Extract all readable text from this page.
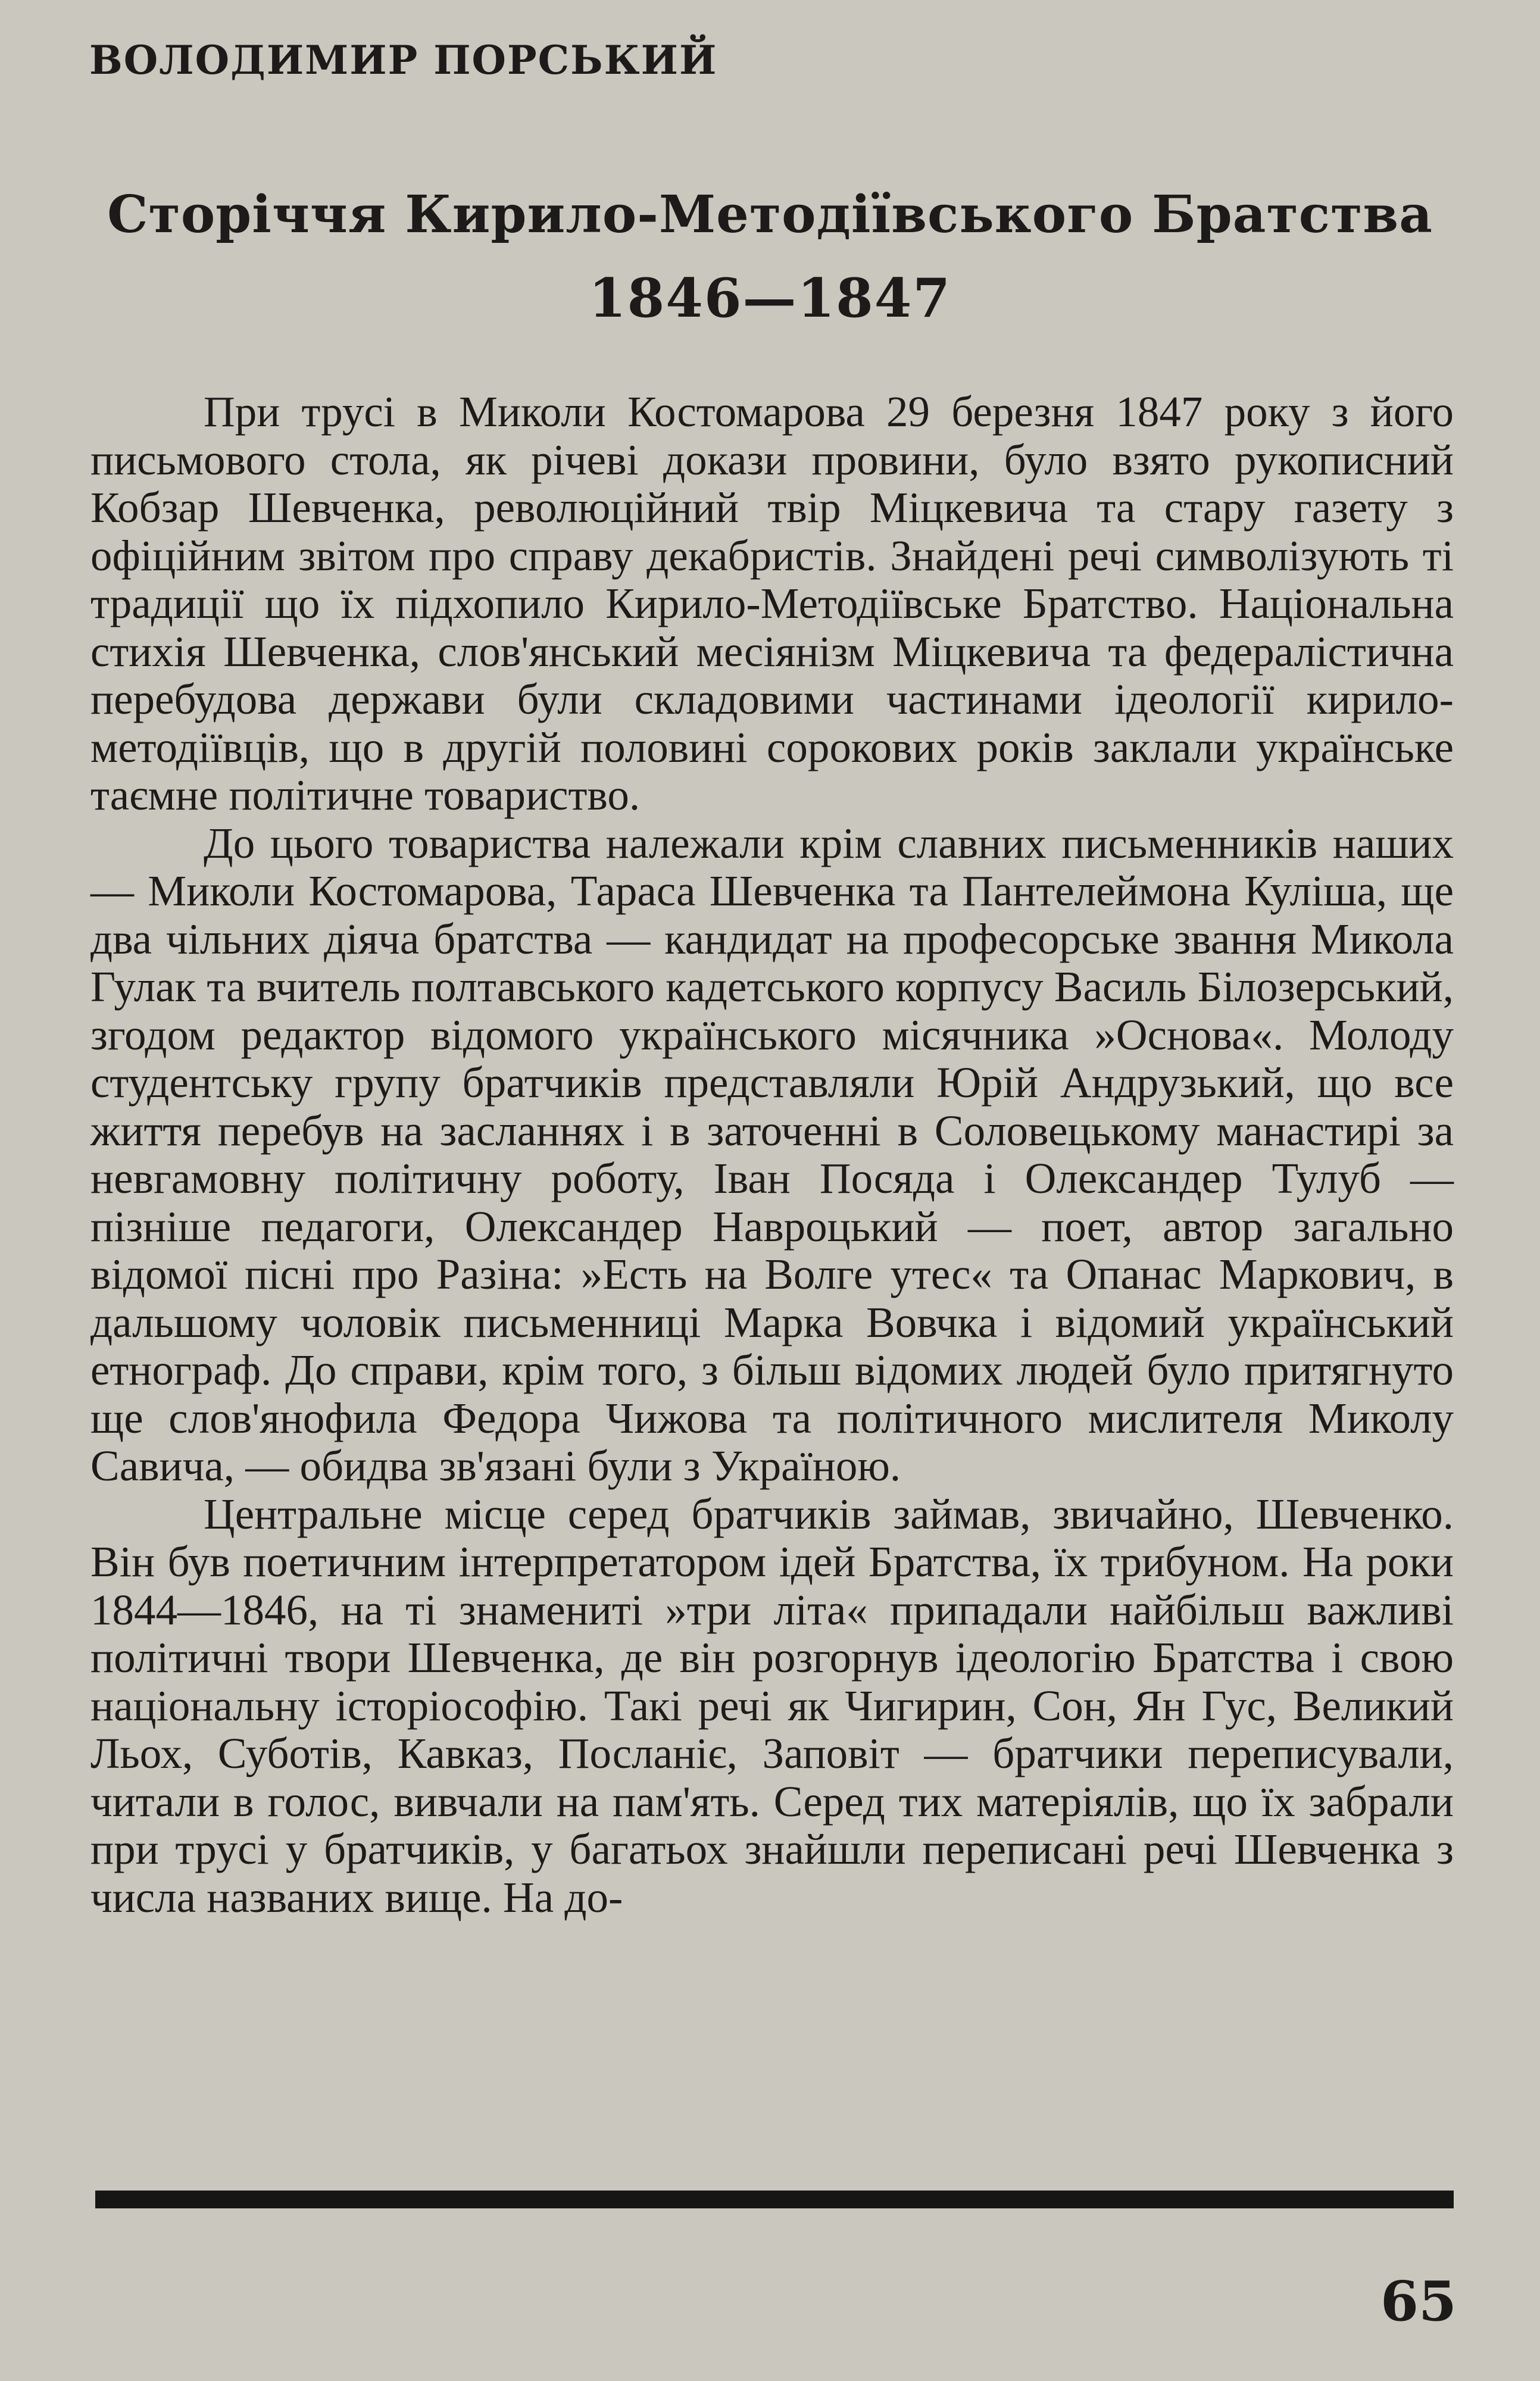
ВОЛОДИМИР ПОРСЬКИЙ
Сторіччя Кирило-Методіївського Братства
1846—1847

При трусі в Миколи Костомарова 29 березня 1847 року з його письмового стола, як річеві докази провини, було взято рукописний Кобзар Шевченка, революційний твір Міцкевича та стару газету з офіційним звітом про справу декабристів. Знайдені речі символізують ті традиції що їх підхопило Кирило-Методіївське Братство. Національна стихія Шевченка, слов'янський месіянізм Міцкевича та федералістична перебудова держави були складовими частинами ідеології кирило-методіївців, що в другій половині сорокових років заклали українське таємне політичне товариство.

До цього товариства належали крім славних письменників наших — Миколи Костомарова, Тараса Шевченка та Пантелеймона Куліша, ще два чільних діяча братства — кандидат на професорське звання Микола Гулак та вчитель полтавського кадетського корпусу Василь Білозерський, згодом редактор відомого українського місячника »Основа«. Молоду студентську групу братчиків представляли Юрій Андрузький, що все життя перебув на засланнях і в заточенні в Соловецькому манастирі за невгамовну політичну роботу, Іван Посяда і Олександер Тулуб — пізніше педагоги, Олександер Навроцький — поет, автор загально відомої пісні про Разіна: »Есть на Волге утес« та Опанас Маркович, в дальшому чоловік письменниці Марка Вовчка і відомий український етнограф. До справи, крім того, з більш відомих людей було притягнуто ще слов'янофила Федора Чижова та політичного мислителя Миколу Савича, — обидва зв'язані були з Україною.

Центральне місце серед братчиків займав, звичайно, Шевченко. Він був поетичним інтерпретатором ідей Братства, їх трибуном. На роки 1844—1846, на ті знамениті »три літа« припадали найбільш важливі політичні твори Шевченка, де він розгорнув ідеологію Братства і свою національну історіософію. Такі речі як Чигирин, Сон, Ян Гус, Великий Льох, Суботів, Кавказ, Посланіє, Заповіт — братчики переписували, читали в голос, вивчали на пам'ять. Серед тих матеріялів, що їх забрали при трусі у братчиків, у багатьох знайшли переписані речі Шевченка з числа названих вище. На до-

65
